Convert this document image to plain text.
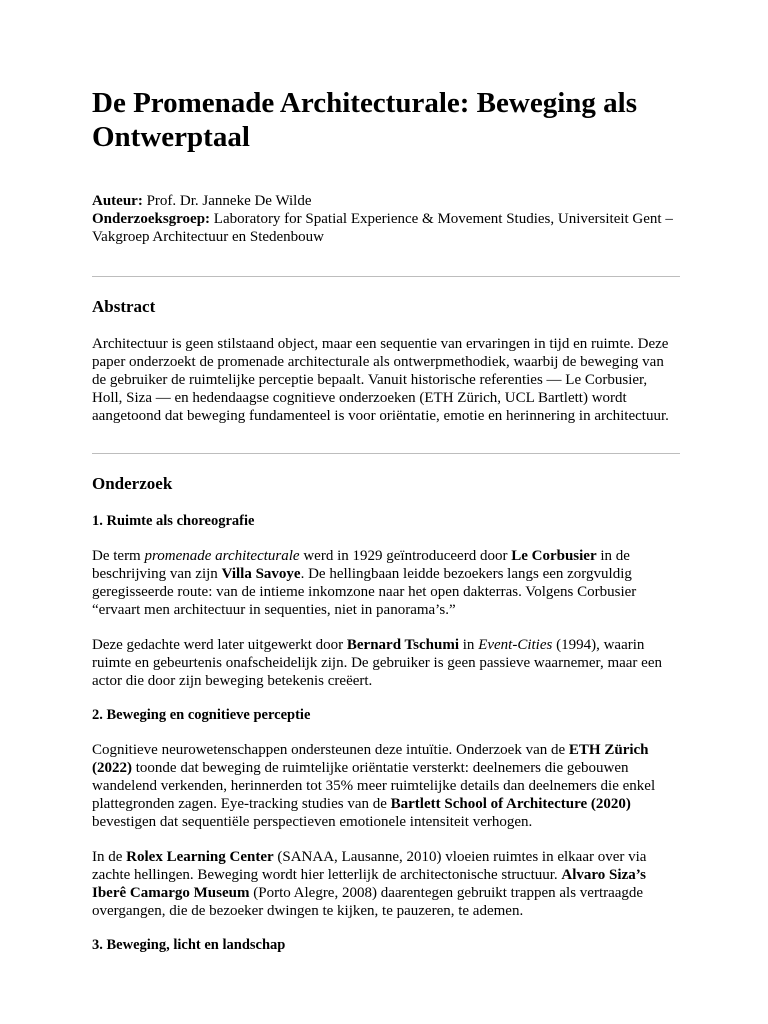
De Promenade Architecturale: Beweging als Ontwerptaal

Auteur: Prof. Dr. Janneke De Wilde

Onderzoeksgroep: Laboratory for Spatial Experience & Movement Studies, Universiteit Gent – Vakgroep Architectuur en Stedenbouw

Abstract

Architectuur is geen stilstaand object, maar een sequentie van ervaringen in tijd en ruimte. Deze paper onderzoekt de promenade architecturale als ontwerpmethodiek, waarbij de beweging van de gebruiker de ruimtelijke perceptie bepaalt. Vanuit historische referenties — Le Corbusier, Holl, Siza — en hedendaagse cognitieve onderzoeken (ETH Zürich, UCL Bartlett) wordt aangetoond dat beweging fundamenteel is voor oriëntatie, emotie en herinnering in architectuur.

Onderzoek
1. Ruimte als choreografie

De term promenade architecturale werd in 1929 geïntroduceerd door Le Corbusier in de beschrijving van zijn Villa Savoye. De hellingbaan leidde bezoekers langs een zorgvuldig geregisseerde route: van de intieme inkomzone naar het open dakterras. Volgens Corbusier “ervaart men architectuur in sequenties, niet in panorama’s.”

Deze gedachte werd later uitgewerkt door Bernard Tschumi in Event-Cities (1994), waarin ruimte en gebeurtenis onafscheidelijk zijn. De gebruiker is geen passieve waarnemer, maar een actor die door zijn beweging betekenis creëert.

2. Beweging en cognitieve perceptie

Cognitieve neurowetenschappen ondersteunen deze intuïtie. Onderzoek van de ETH Zürich (2022) toonde dat beweging de ruimtelijke oriëntatie versterkt: deelnemers die gebouwen wandelend verkenden, herinnerden tot 35% meer ruimtelijke details dan deelnemers die enkel plattegronden zagen. Eye-tracking studies van de Bartlett School of Architecture (2020) bevestigen dat sequentiële perspectieven emotionele intensiteit verhogen.

In de Rolex Learning Center (SANAA, Lausanne, 2010) vloeien ruimtes in elkaar over via zachte hellingen. Beweging wordt hier letterlijk de architectonische structuur. Alvaro Siza’s Iberê Camargo Museum (Porto Alegre, 2008) daarentegen gebruikt trappen als vertraagde overgangen, die de bezoeker dwingen te kijken, te pauzeren, te ademen.

3. Beweging, licht en landschap
